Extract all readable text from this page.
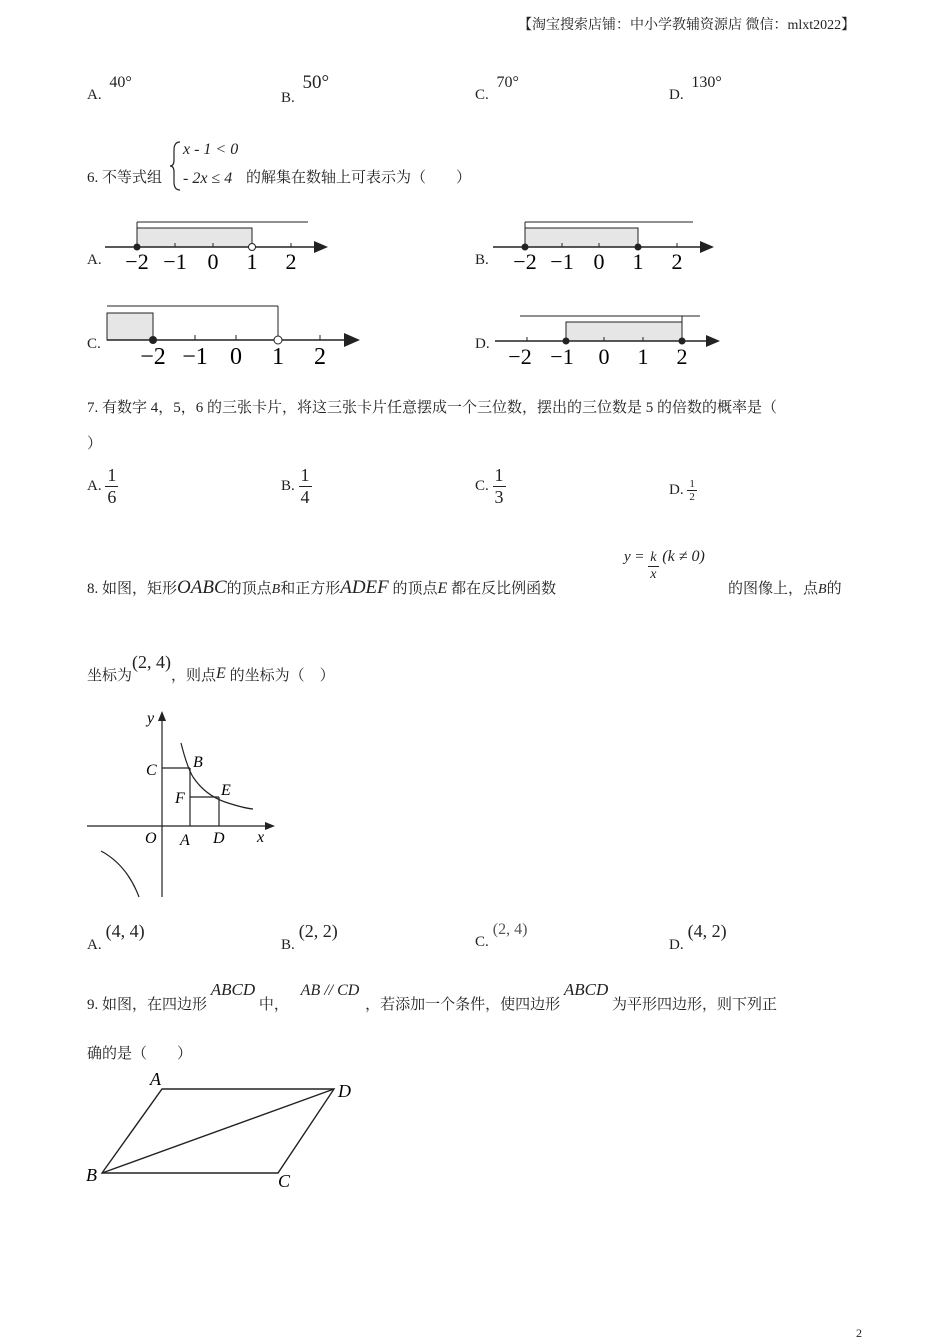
【淘宝搜索店铺：中小学教辅资源店 微信：mlxt2022】
A. 40°
B. 50°
C. 70°
D. 130°
6. 不等式组
x - 1 < 0
- 2x ≤ 4 的解集在数轴上可表示为（　　）
A. −2 −1 0 1 2	B. −2 −1 0 1 2
C. −2 −1 0 1 2	D. −2 −1 0 1 2
7. 有数字 4，5，6 的三张卡片，将这三张卡片任意摆成一个三位数，摆出的三位数是 5 的倍数的概率是（
）
A. $\frac{1}{6}$	B. $\frac{1}{4}$	C. $\frac{1}{3}$	D. $\frac{1}{2}$
8. 如图，矩形OABC的顶点B和正方形ADEF 的顶点E 都在反比例函数
$y = \frac{k}{x} (k \ne 0)$
的图像上，点B的
坐标为(2, 4)，则点E 的坐标为（　）
y
x
O A
B
C
D
E
F
A.(4, 4)
B.(2, 2)
C.(2, 4)
D.(4, 2)
9. 如图，在四边形 ABCD 中， AB // CD ，若添加一个条件，使四边形 ABCD 为平形四边形，则下列正
确的是（　　）
A
B	C
D
2
